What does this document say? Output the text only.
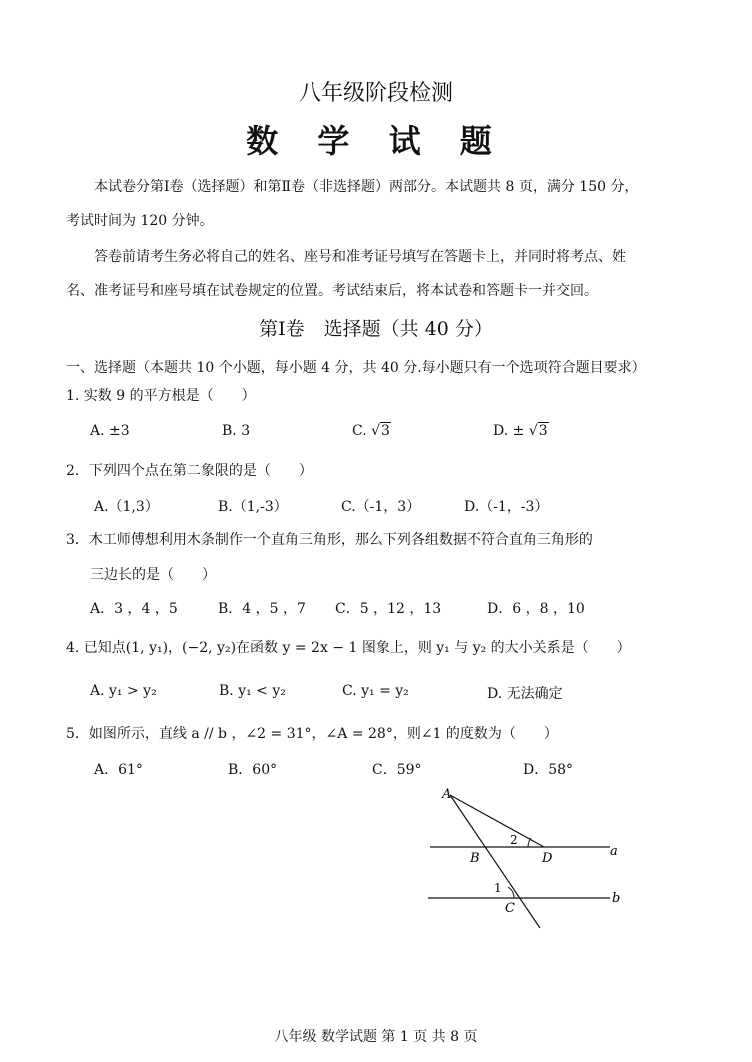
八年级阶段检测
数 学 试 题

本试卷分第Ⅰ卷（选择题）和第Ⅱ卷（非选择题）两部分。本试题共 8 页，满分 150 分，

考试时间为 120 分钟。

答卷前请考生务必将自己的姓名、座号和准考证号填写在答题卡上，并同时将考点、姓

名、准考证号和座号填在试卷规定的位置。考试结束后，将本试卷和答题卡一并交回。

第Ⅰ卷　选择题（共 40 分）
一、选择题（本题共 10 个小题，每小题 4 分，共 40 分.每小题只有一个选项符合题目要求）
1. 实数 9 的平方根是（　　）
A. ±3	B. 3	C. √3	D. ± √3
2．下列四个点在第二象限的是（　　）
A.（1,3）	B.（1,-3）	C.（-1，3）	D.（-1，-3）
3．木工师傅想利用木条制作一个直角三角形，那么下列各组数据不符合直角三角形的
三边长的是（　　）
A．3 ，4 ，5	B．4 ，5 ，7 C．5 ，12 ，13	D．6 ，8 ，10
4. 已知点(1, y₁)，(−2, y₂)在函数 y = 2x − 1 图象上，则 y₁ 与 y₂ 的大小关系是（　　）
A. y₁ > y₂	B. y₁ < y₂	C. y₁ = y₂	D. 无法确定
5．如图所示，直线 a // b ，∠2 = 31°，∠A = 28°，则∠1 的度数为（　　）
A．61°	B．60°	C．59°	D．58°
A
B
C
D	a
b
1
2
八年级 数学试题 第 1 页 共 8 页
